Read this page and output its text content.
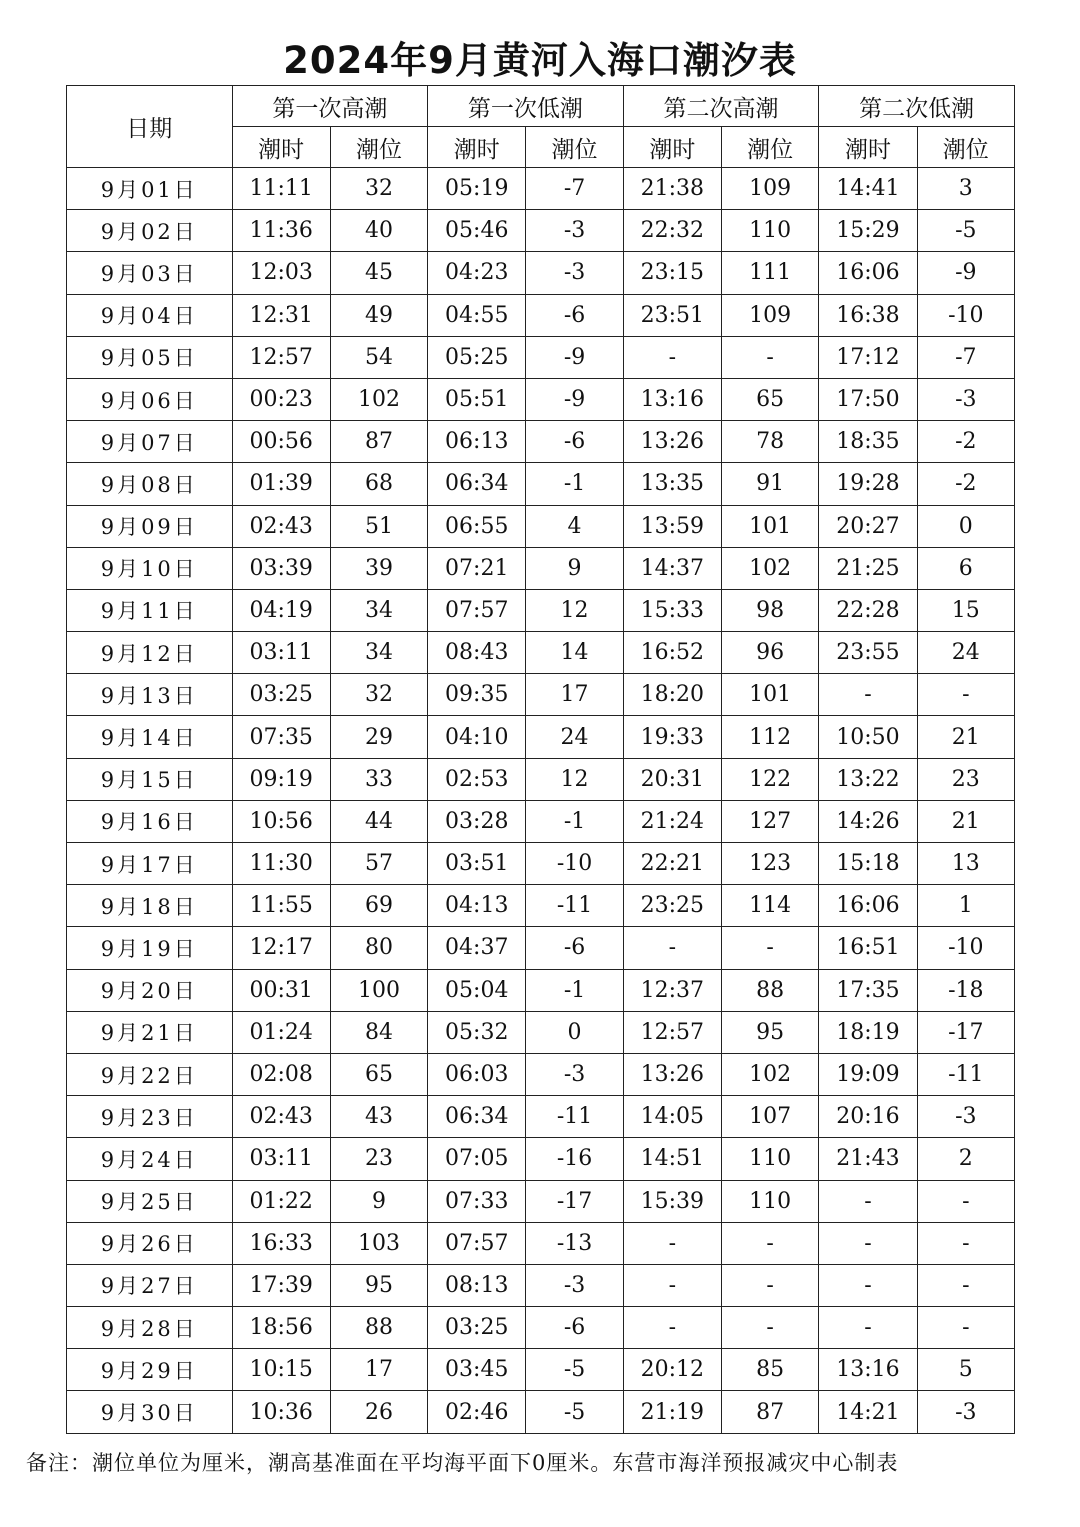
2024年9月黄河入海口潮汐表
日期	第一次高潮		第一次低潮		第二次高潮		第二次低潮	
	潮时	潮位	潮时	潮位	潮时	潮位	潮时	潮位
9月01日	11:11	32	05:19	-7	21:38	109	14:41	3
9月02日	11:36	40	05:46	-3	22:32	110	15:29	-5
9月03日	12:03	45	04:23	-3	23:15	111	16:06	-9
9月04日	12:31	49	04:55	-6	23:51	109	16:38	-10
9月05日	12:57	54	05:25	-9	-	-	17:12	-7
9月06日	00:23	102	05:51	-9	13:16	65	17:50	-3
9月07日	00:56	87	06:13	-6	13:26	78	18:35	-2
9月08日	01:39	68	06:34	-1	13:35	91	19:28	-2
9月09日	02:43	51	06:55	4	13:59	101	20:27	0
9月10日	03:39	39	07:21	9	14:37	102	21:25	6
9月11日	04:19	34	07:57	12	15:33	98	22:28	15
9月12日	03:11	34	08:43	14	16:52	96	23:55	24
9月13日	03:25	32	09:35	17	18:20	101	-	-
9月14日	07:35	29	04:10	24	19:33	112	10:50	21
9月15日	09:19	33	02:53	12	20:31	122	13:22	23
9月16日	10:56	44	03:28	-1	21:24	127	14:26	21
9月17日	11:30	57	03:51	-10	22:21	123	15:18	13
9月18日	11:55	69	04:13	-11	23:25	114	16:06	1
9月19日	12:17	80	04:37	-6	-	-	16:51	-10
9月20日	00:31	100	05:04	-1	12:37	88	17:35	-18
9月21日	01:24	84	05:32	0	12:57	95	18:19	-17
9月22日	02:08	65	06:03	-3	13:26	102	19:09	-11
9月23日	02:43	43	06:34	-11	14:05	107	20:16	-3
9月24日	03:11	23	07:05	-16	14:51	110	21:43	2
9月25日	01:22	9	07:33	-17	15:39	110	-	-
9月26日	16:33	103	07:57	-13	-	-	-	-
9月27日	17:39	95	08:13	-3	-	-	-	-
9月28日	18:56	88	03:25	-6	-	-	-	-
9月29日	10:15	17	03:45	-5	20:12	85	13:16	5
9月30日	10:36	26	02:46	-5	21:19	87	14:21	-3
备注：潮位单位为厘米，潮高基准面在平均海平面下0厘米。东营市海洋预报减灾中心制表
